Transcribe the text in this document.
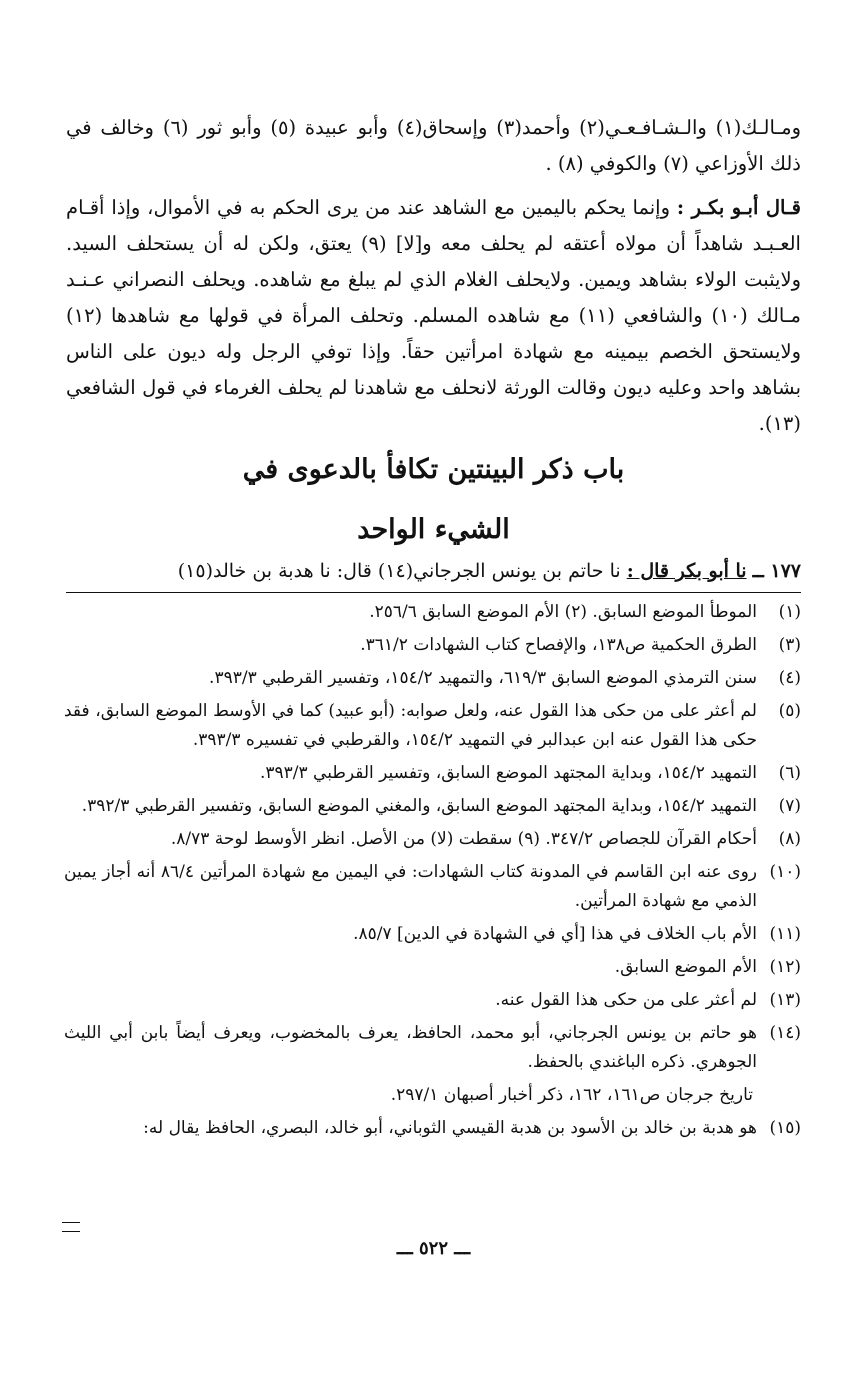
ومـالـك(١) والـشـافـعـي(٢) وأحمد(٣) وإسحاق(٤) وأبو عبيدة (٥) وأبو ثور (٦) وخالف في ذلك الأوزاعي (٧) والكوفي (٨) .

قـال أبـو بكـر : وإنما يحكم باليمين مع الشاهد عند من يرى الحكم به في الأموال، وإذا أقـام العـبـد شاهداً أن مولاه أعتقه لم يحلف معه و[لا] (٩) يعتق، ولكن له أن يستحلف السيد. ولايثبت الولاء بشاهد ويمين. ولايحلف الغلام الذي لم يبلغ مع شاهده. ويحلف النصراني عـنـد مـالك (١٠) والشافعي (١١) مع شاهده المسلم. وتحلف المرأة في قولها مع شاهدها (١٢) ولايستحق الخصم بيمينه مع شهادة امرأتين حقاً. وإذا توفي الرجل وله ديون على الناس بشاهد واحد وعليه ديون وقالت الورثة لانحلف مع شاهدنا لم يحلف الغرماء في قول الشافعي (١٣).

باب ذكر البينتين تكافأ بالدعوى في
الشيء الواحد
١٧٧ ــ نا أبو بكر قال : نا حاتم بن يونس الجرجاني(١٤) قال: نا هدبة بن خالد(١٥)
(١)
الموطأ الموضع السابق. (٢) الأم الموضع السابق ٢٥٦/٦.
(٣)
الطرق الحكمية ص١٣٨، والإفصاح كتاب الشهادات ٣٦١/٢.
(٤)
سنن الترمذي الموضع السابق ٦١٩/٣، والتمهيد ١٥٤/٢، وتفسير القرطبي ٣٩٣/٣.
(٥)
لم أعثر على من حكى هذا القول عنه، ولعل صوابه: (أبو عبيد) كما في الأوسط الموضع السابق، فقد حكى هذا القول عنه ابن عبدالبر في التمهيد ١٥٤/٢، والقرطبي في تفسيره ٣٩٣/٣.
(٦)
التمهيد ١٥٤/٢، وبداية المجتهد الموضع السابق، وتفسير القرطبي ٣٩٣/٣.
(٧)
التمهيد ١٥٤/٢، وبداية المجتهد الموضع السابق، والمغني الموضع السابق، وتفسير القرطبي ٣٩٢/٣.
(٨)
أحكام القرآن للجصاص ٣٤٧/٢. (٩) سقطت (لا) من الأصل. انظر الأوسط لوحة ٨/٧٣.
(١٠)
روى عنه ابن القاسم في المدونة كتاب الشهادات: في اليمين مع شهادة المرأتين ٨٦/٤ أنه أجاز يمين الذمي مع شهادة المرأتين.
(١١)
الأم باب الخلاف في هذا [أي في الشهادة في الدين] ٨٥/٧.
(١٢)
الأم الموضع السابق.
(١٣)
لم أعثر على من حكى هذا القول عنه.
(١٤)
هو حاتم بن يونس الجرجاني، أبو محمد، الحافظ، يعرف بالمخضوب، ويعرف أيضاً بابن أبي الليث الجوهري. ذكره الباغندي بالحفظ.
تاريخ جرجان ص١٦١، ١٦٢، ذكر أخبار أصبهان ٢٩٧/١.
(١٥)
هو هدبة بن خالد بن الأسود بن هدبة القيسي الثوباني، أبو خالد، البصري، الحافظ يقال له:
ـــ ٥٢٢ ـــ
